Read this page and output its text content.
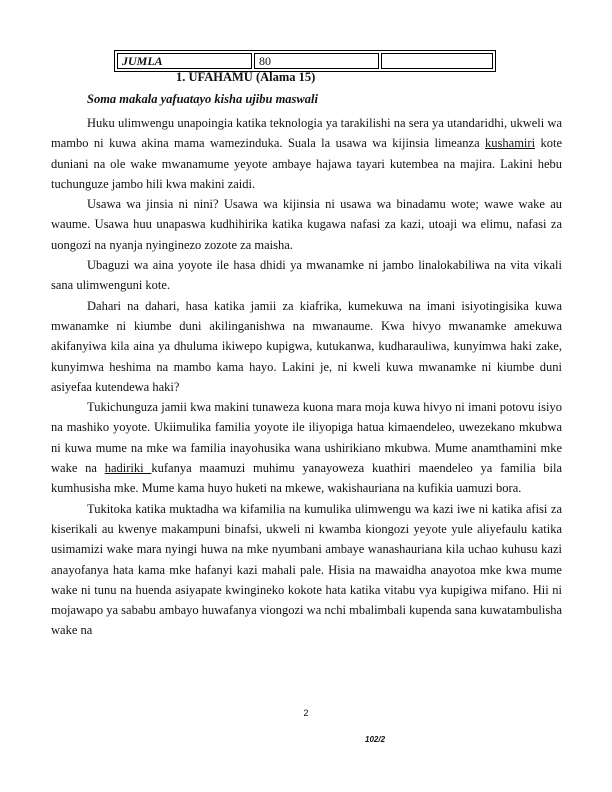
JUMLA	80	

1. UFAHAMU (Alama 15)

Soma makala yafuatayo kisha ujibu maswali

Huku ulimwengu unapoingia katika teknologia ya tarakilishi na sera ya utandaridhi, ukweli wa mambo ni kuwa akina mama wamezinduka. Suala la usawa wa kijinsia limeanza kushamiri kote duniani na ole wake mwanamume yeyote ambaye hajawa tayari kutembea na majira. Lakini hebu tuchunguze jambo hili kwa makini zaidi.

Usawa wa jinsia ni nini? Usawa wa kijinsia ni usawa wa binadamu wote; wawe wake au waume. Usawa huu unapaswa kudhihirika katika kugawa nafasi za kazi, utoaji wa elimu, nafasi za uongozi na nyanja nyinginezo zozote za maisha.

Ubaguzi wa aina yoyote ile hasa dhidi ya mwanamke ni jambo linalokabiliwa na vita vikali sana ulimwenguni kote.

Dahari na dahari, hasa katika jamii za kiafrika, kumekuwa na imani isiyotingisika kuwa mwanamke ni kiumbe duni akilinganishwa na mwanaume. Kwa hivyo mwanamke amekuwa akifanyiwa kila aina ya dhuluma ikiwepo kupigwa, kutukanwa, kudharauliwa, kunyimwa haki zake, kunyimwa heshima na mambo kama hayo. Lakini je, ni kweli kuwa mwanamke ni kiumbe duni asiyefaa kutendewa haki?

Tukichunguza jamii kwa makini tunaweza kuona mara moja kuwa hivyo ni imani potovu isiyo na mashiko yoyote. Ukiimulika familia yoyote ile iliyopiga hatua kimaendeleo, uwezekano mkubwa ni kuwa mume na mke wa familia inayohusika wana ushirikiano mkubwa. Mume anamthamini mke wake na hadiriki kufanya maamuzi muhimu yanayoweza kuathiri maendeleo ya familia bila kumhusisha mke. Mume kama huyo huketi na mkewe, wakishauriana na kufikia uamuzi bora.

Tukitoka katika muktadha wa kifamilia na kumulika ulimwengu wa kazi iwe ni katika afisi za kiserikali au kwenye makampuni binafsi, ukweli ni kwamba kiongozi yeyote yule aliyefaulu katika usimamizi wake mara nyingi huwa na mke nyumbani ambaye wanashauriana kila uchao kuhusu kazi anayofanya hata kama mke hafanyi kazi mahali pale. Hisia na mawaidha anayotoa mke kwa mume wake ni tunu na huenda asiyapate kwingineko kokote hata katika vitabu vya kupigiwa mifano. Hii ni mojawapo ya sababu ambayo huwafanya viongozi wa nchi mbalimbali kupenda sana kuwatambulisha wake na

2
102/2
